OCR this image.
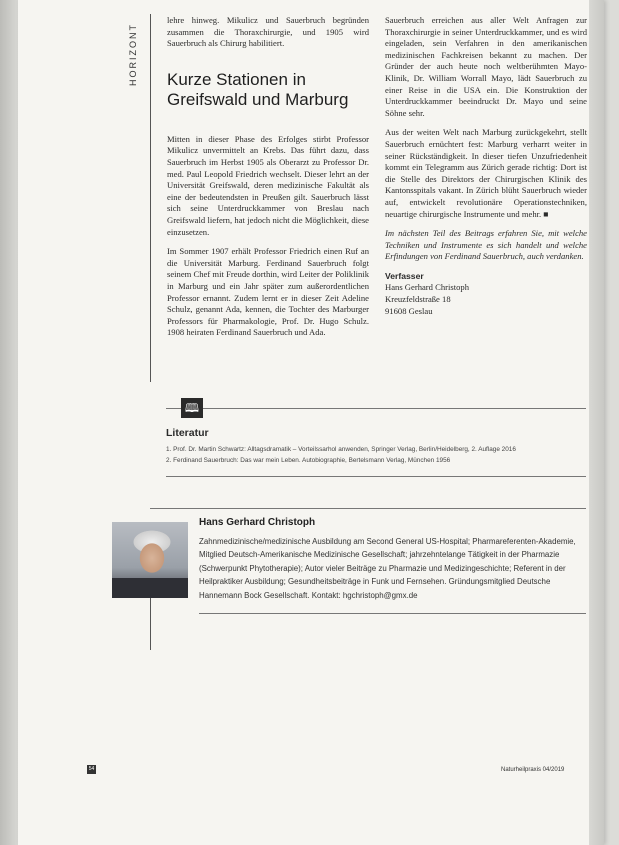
HORIZONT

lehre hinweg. Mikulicz und Sauerbruch begründen zusammen die Thoraxchirurgie, und 1905 wird Sauerbruch als Chirurg habilitiert.

Kurze Stationen in Greifswald und Marburg

Mitten in dieser Phase des Erfolges stirbt Professor Mikulicz unvermittelt an Krebs. Das führt dazu, dass Sauerbruch im Herbst 1905 als Oberarzt zu Professor Dr. med. Paul Leopold Friedrich wechselt. Dieser lehrt an der Universität Greifswald, deren medizinische Fakultät als eine der bedeutendsten in Preußen gilt. Sauerbruch lässt sich seine Unterdruckkammer von Breslau nach Greifswald liefern, hat jedoch nicht die Möglichkeit, diese einzusetzen.

Im Sommer 1907 erhält Professor Friedrich einen Ruf an die Universität Marburg. Ferdinand Sauerbruch folgt seinem Chef mit Freude dorthin, wird Leiter der Poliklinik in Marburg und ein Jahr später zum außerordentlichen Professor ernannt. Zudem lernt er in dieser Zeit Adeline Schulz, genannt Ada, kennen, die Tochter des Marburger Professors für Pharmakologie, Prof. Dr. Hugo Schulz. 1908 heiraten Ferdinand Sauerbruch und Ada.

Sauerbruch erreichen aus aller Welt Anfragen zur Thoraxchirurgie in seiner Unterdruckkammer, und es wird eingeladen, sein Verfahren in den amerikanischen medizinischen Fachkreisen bekannt zu machen. Der Gründer der auch heute noch weltberühmten Mayo-Klinik, Dr. William Worrall Mayo, lädt Sauerbruch zu einer Reise in die USA ein. Die Konstruktion der Unterdruckkammer beeindruckt Dr. Mayo und seine Söhne sehr.

Aus der weiten Welt nach Marburg zurückgekehrt, stellt Sauerbruch ernüchtert fest: Marburg verharrt weiter in seiner Rückständigkeit. In dieser tiefen Unzufriedenheit kommt ein Telegramm aus Zürich gerade richtig: Dort ist die Stelle des Direktors der Chirurgischen Klinik des Kantonsspitals vakant. In Zürich blüht Sauerbruch wieder auf, entwickelt revolutionäre Operationstechniken, neuartige chirurgische Instrumente und mehr. ■

Im nächsten Teil des Beitrags erfahren Sie, mit welche Techniken und Instrumente es sich handelt und welche Erfindungen von Ferdinand Sauerbruch, auch verdanken.

Verfasser
Hans Gerhard Christoph
Kreuzfeldstraße 18
91608 Geslau
🕮
Literatur
1. Prof. Dr. Martin Schwartz: Alltagsdramatik – Vorteilssarhol anwenden, Springer Verlag, Berlin/Heidelberg, 2. Auflage 2016
2. Ferdinand Sauerbruch: Das war mein Leben. Autobiographie, Bertelsmann Verlag, München 1956
Hans Gerhard Christoph
Zahnmedizinische/medizinische Ausbildung am Second General US-Hospital; Pharmareferenten-Akademie, Mitglied Deutsch-Amerikanische Medizinische Gesellschaft; jahrzehntelange Tätigkeit in der Pharmazie (Schwerpunkt Phytotherapie); Autor vieler Beiträge zu Pharmazie und Medizingeschichte; Referent in der Heilpraktiker Ausbildung; Gesundheitsbeiträge in Funk und Fernsehen. Gründungsmitglied Deutsche Hannemann Bock Gesellschaft. Kontakt: hgchristoph@gmx.de
54	Naturheilpraxis 04/2019
